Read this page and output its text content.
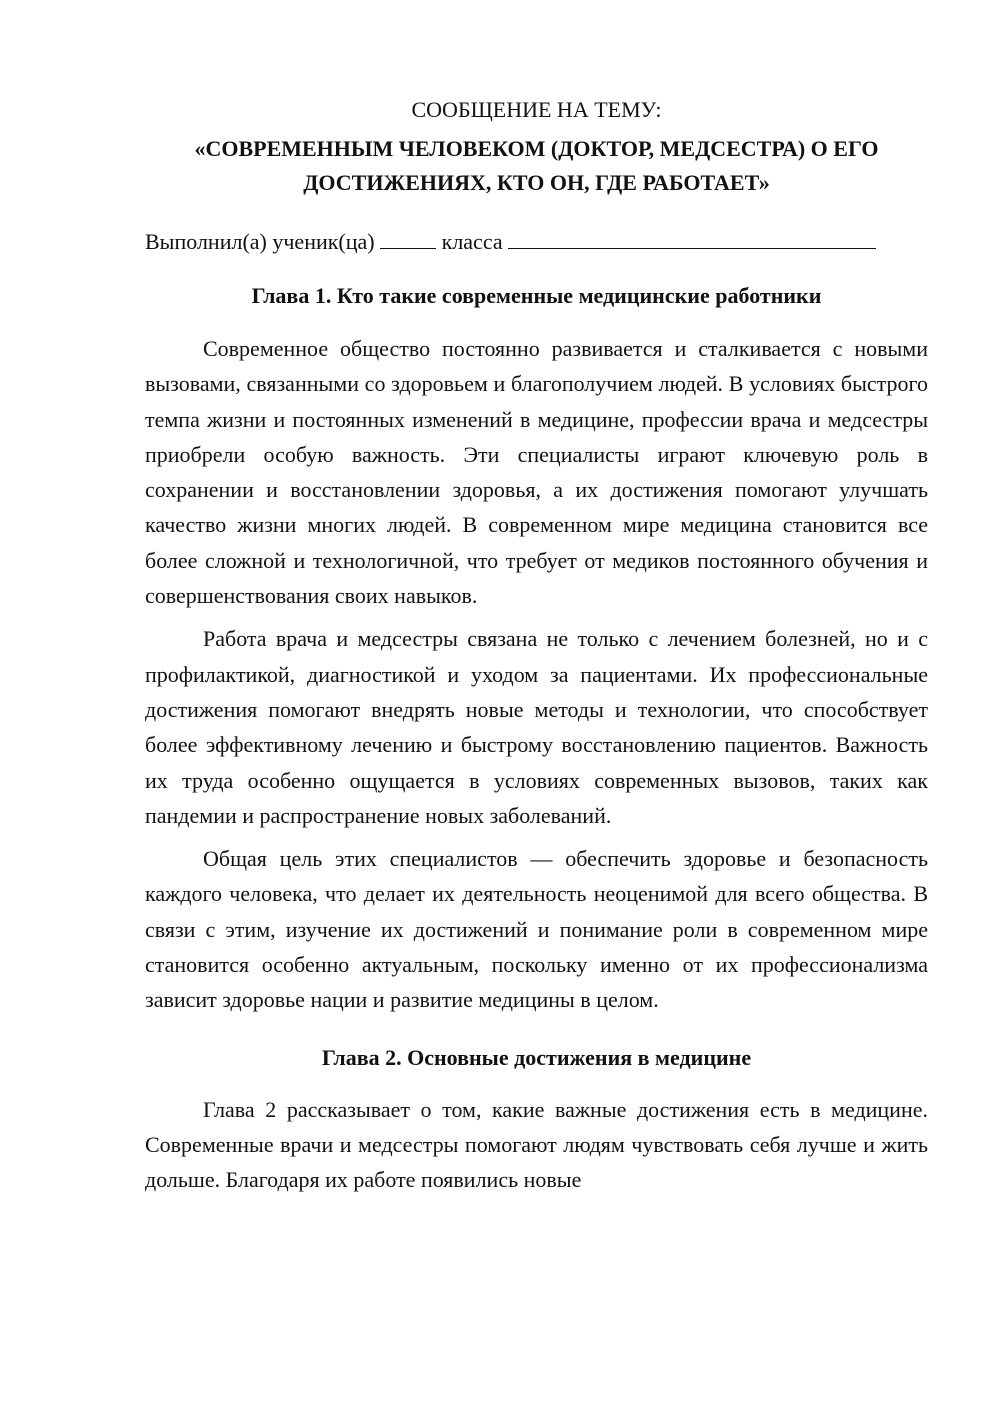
СООБЩЕНИЕ НА ТЕМУ:

«СОВРЕМЕННЫМ ЧЕЛОВЕКОМ (ДОКТОР, МЕДСЕСТРА) О ЕГО
ДОСТИЖЕНИЯХ, КТО ОН, ГДЕ РАБОТАЕТ»

Выполнил(а) ученик(ца)	класса

Глава 1. Кто такие современные медицинские работники

Современное общество постоянно развивается и сталкивается с новыми вызовами, связанными со здоровьем и благополучием людей. В условиях быстрого темпа жизни и постоянных изменений в медицине, профессии врача и медсестры приобрели особую важность. Эти специалисты играют ключевую роль в сохранении и восстановлении здоровья, а их достижения помогают улучшать качество жизни многих людей. В современном мире медицина становится все более сложной и технологичной, что требует от медиков постоянного обучения и совершенствования своих навыков.

Работа врача и медсестры связана не только с лечением болезней, но и с профилактикой, диагностикой и уходом за пациентами. Их профессиональные достижения помогают внедрять новые методы и технологии, что способствует более эффективному лечению и быстрому восстановлению пациентов. Важность их труда особенно ощущается в условиях современных вызовов, таких как пандемии и распространение новых заболеваний.

Общая цель этих специалистов — обеспечить здоровье и безопасность каждого человека, что делает их деятельность неоценимой для всего общества. В связи с этим, изучение их достижений и понимание роли в современном мире становится особенно актуальным, поскольку именно от их профессионализма зависит здоровье нации и развитие медицины в целом.

Глава 2. Основные достижения в медицине

Глава 2 рассказывает о том, какие важные достижения есть в медицине. Современные врачи и медсестры помогают людям чувствовать себя лучше и жить дольше. Благодаря их работе появились новые
